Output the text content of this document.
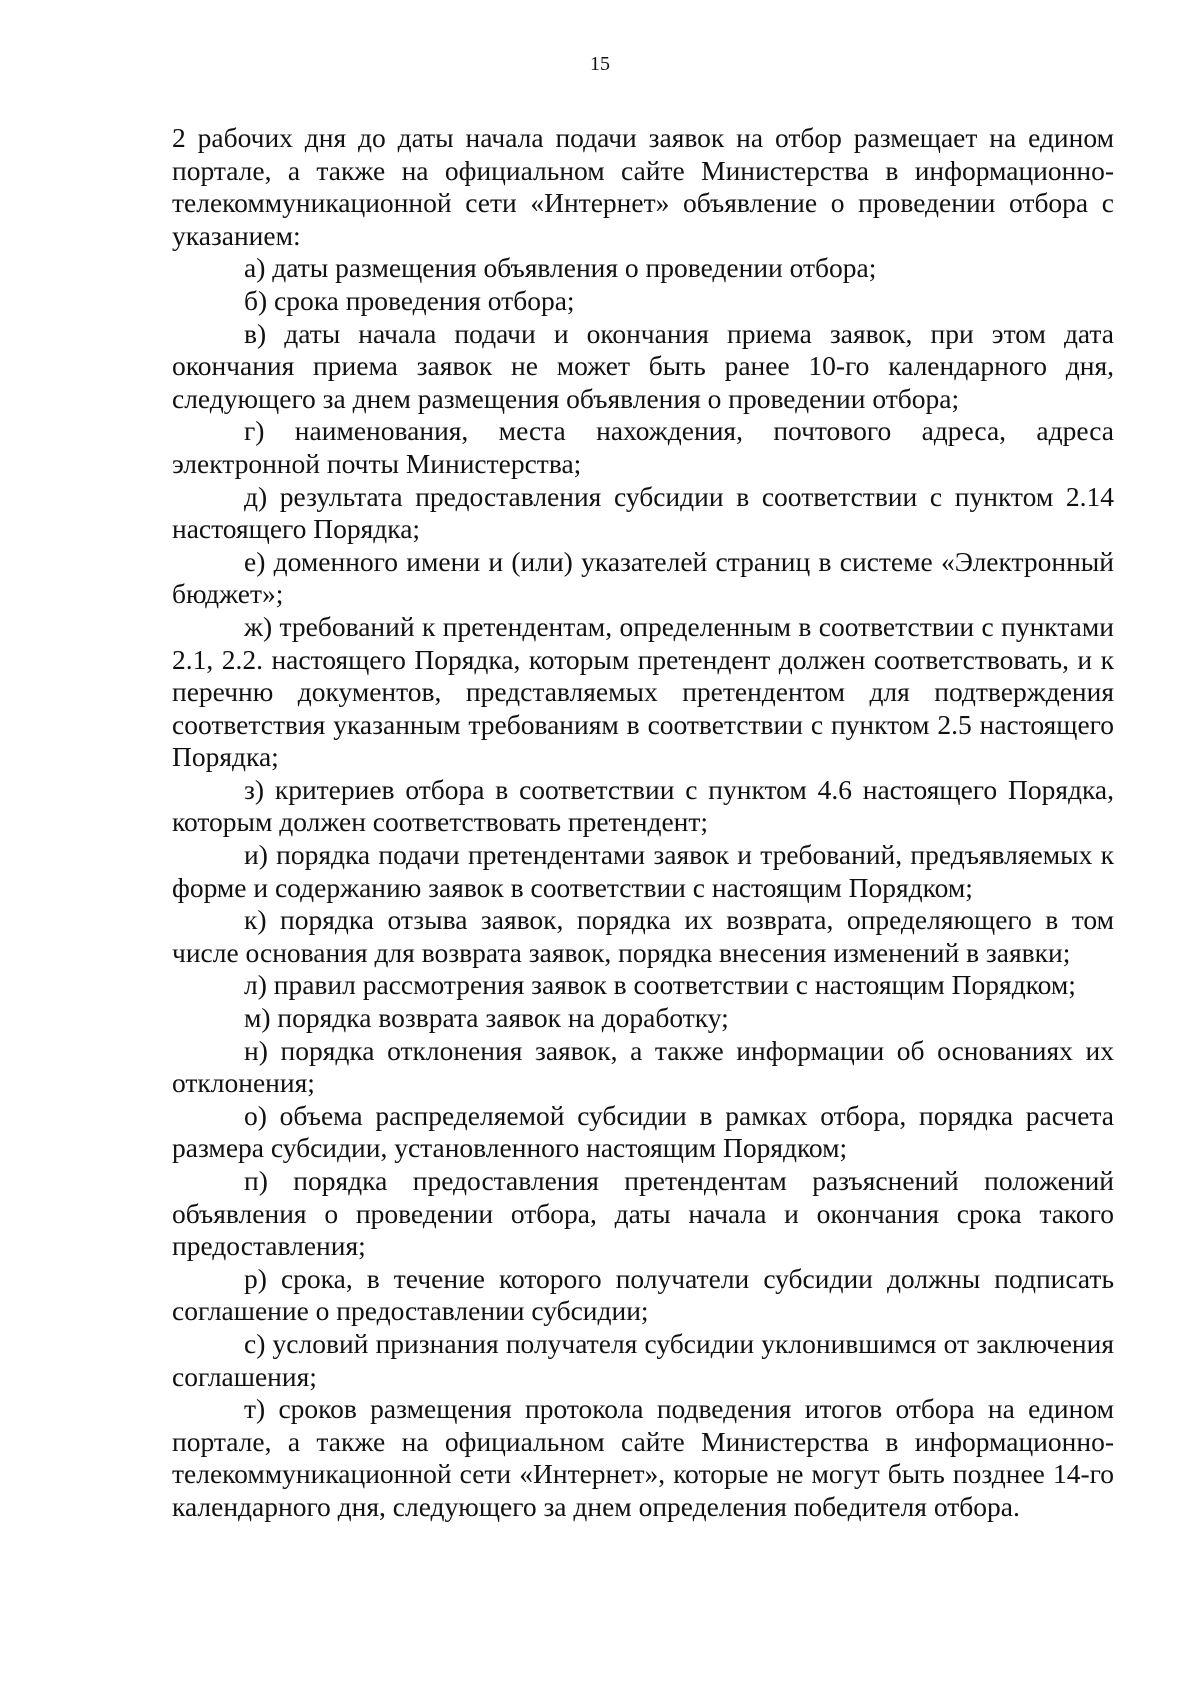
15

2 рабочих дня до даты начала подачи заявок на отбор размещает на едином портале, а также на официальном сайте Министерства в информационно-телекоммуникационной сети «Интернет» объявление о проведении отбора с указанием:

а) даты размещения объявления о проведении отбора;

б) срока проведения отбора;

в) даты начала подачи и окончания приема заявок, при этом дата окончания приема заявок не может быть ранее 10-го календарного дня, следующего за днем размещения объявления о проведении отбора;

г) наименования, места нахождения, почтового адреса, адреса электронной почты Министерства;

д) результата предоставления субсидии в соответствии с пунктом 2.14 настоящего Порядка;

е) доменного имени и (или) указателей страниц в системе «Электронный бюджет»;

ж) требований к претендентам, определенным в соответствии с пунктами 2.1, 2.2. настоящего Порядка, которым претендент должен соответствовать, и к перечню документов, представляемых претендентом для подтверждения соответствия указанным требованиям в соответствии с пунктом 2.5 настоящего Порядка;

з) критериев отбора в соответствии с пунктом 4.6 настоящего Порядка, которым должен соответствовать претендент;

и) порядка подачи претендентами заявок и требований, предъявляемых к форме и содержанию заявок в соответствии с настоящим Порядком;

к) порядка отзыва заявок, порядка их возврата, определяющего в том числе основания для возврата заявок, порядка внесения изменений в заявки;

л) правил рассмотрения заявок в соответствии с настоящим Порядком;

м) порядка возврата заявок на доработку;

н) порядка отклонения заявок, а также информации об основаниях их отклонения;

о) объема распределяемой субсидии в рамках отбора, порядка расчета размера субсидии, установленного настоящим Порядком;

п) порядка предоставления претендентам разъяснений положений объявления о проведении отбора, даты начала и окончания срока такого предоставления;

р) срока, в течение которого получатели субсидии должны подписать соглашение о предоставлении субсидии;

с) условий признания получателя субсидии уклонившимся от заключения соглашения;

т) сроков размещения протокола подведения итогов отбора на едином портале, а также на официальном сайте Министерства в информационно-телекоммуникационной сети «Интернет», которые не могут быть позднее 14-го календарного дня, следующего за днем определения победителя отбора.
